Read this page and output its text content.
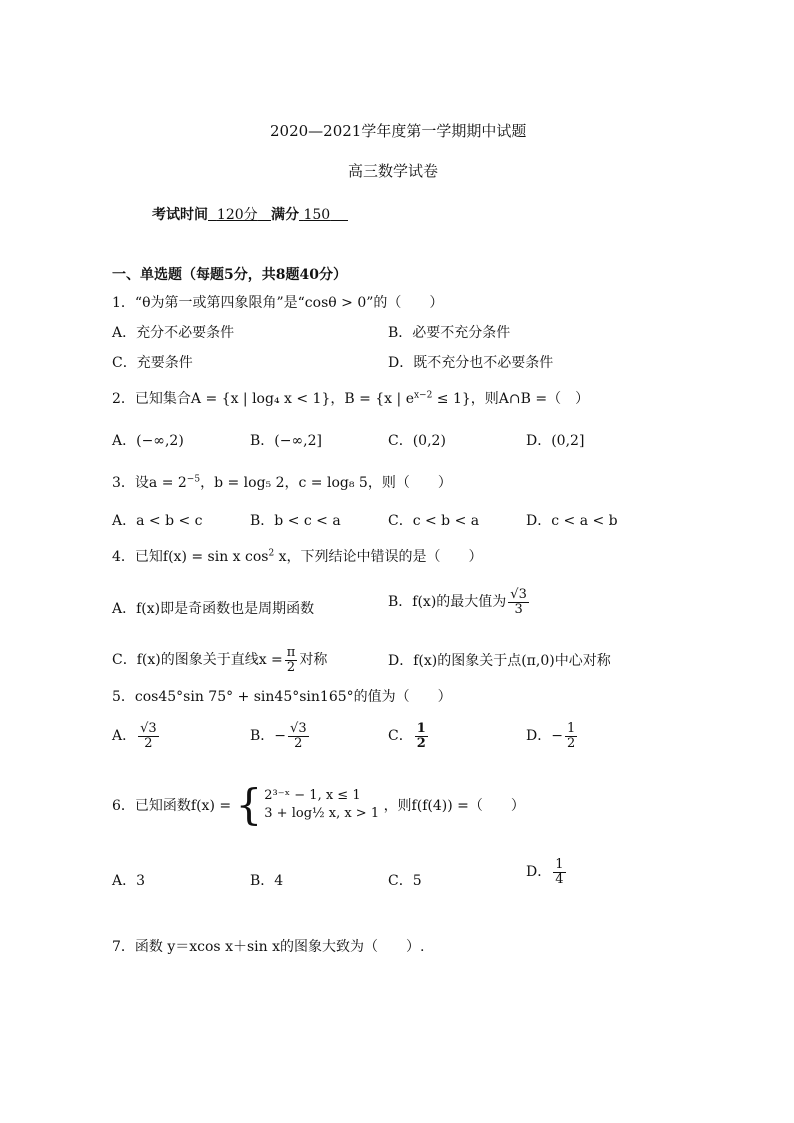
2020—2021学年度第一学期期中试题
高三数学试卷
考试时间 120分 满分 150
一、单选题（每题5分，共8题40分）
1．“θ为第一或第四象限角”是“cosθ > 0”的（　　）
A．充分不必要条件	B．必要不充分条件
C．充要条件	D．既不充分也不必要条件
2．已知集合A = {x | log₄ x < 1}，B = {x | $e^{x-2} \le 1$}，则A∩B =（　）
A．(−∞,2)	B．(−∞,2]	C．(0,2)	D．(0,2]
3．设$a = 2^{-5}$，b = log₅ 2，c = log₈ 5，则（　　）
A．a < b < c	B．b < c < a	C．c < b < a	D．c < a < b
4．已知f(x) = sin x $\cos^2 x$，下列结论中错误的是（　　）
A．f(x)即是奇函数也是周期函数	B．f(x)的最大值为 $\frac{√3}{3}$
C．f(x)的图象关于直线$x = \frac{\pi}{2}$ 对称	D．f(x)的图象关于点(π,0)中心对称
5．cos45°sin 75° + sin45°sin165°的值为（　　）
A． $\frac{√3}{2}$	B．− $\frac{√3}{2}$	C． $\frac{1}{2}$	D．− $\frac{1}{2}$
6．已知函数f(x) = { 2³⁻ˣ − 1, x ≤ 1
3 + log½ x, x > 1 ，则f(f(4)) =（　　）
A．3	B．4	C．5
D． $\frac{1}{4}$
7．函数 y＝xcos x＋sin x的图象大致为（　　）.
